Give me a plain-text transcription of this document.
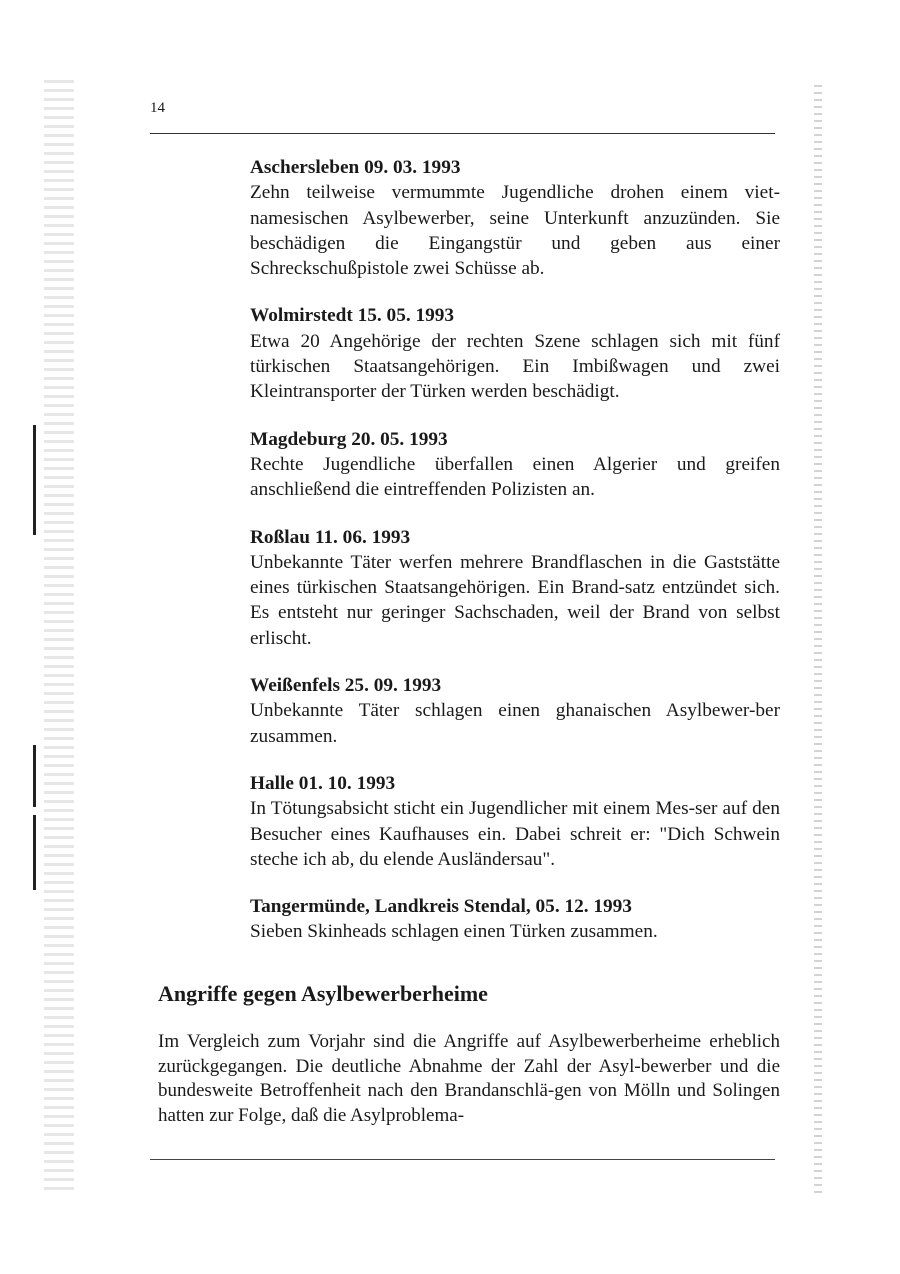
14
Aschersleben 09. 03. 1993
Zehn teilweise vermummte Jugendliche drohen einem viet-namesischen Asylbewerber, seine Unterkunft anzuzünden. Sie beschädigen die Eingangstür und geben aus einer Schreckschußpistole zwei Schüsse ab.
Wolmirstedt 15. 05. 1993
Etwa 20 Angehörige der rechten Szene schlagen sich mit fünf türkischen Staatsangehörigen. Ein Imbißwagen und zwei Kleintransporter der Türken werden beschädigt.
Magdeburg 20. 05. 1993
Rechte Jugendliche überfallen einen Algerier und greifen anschließend die eintreffenden Polizisten an.
Roßlau 11. 06. 1993
Unbekannte Täter werfen mehrere Brandflaschen in die Gaststätte eines türkischen Staatsangehörigen. Ein Brand-satz entzündet sich. Es entsteht nur geringer Sachschaden, weil der Brand von selbst erlischt.
Weißenfels 25. 09. 1993
Unbekannte Täter schlagen einen ghanaischen Asylbewer-ber zusammen.
Halle 01. 10. 1993
In Tötungsabsicht sticht ein Jugendlicher mit einem Mes-ser auf den Besucher eines Kaufhauses ein. Dabei schreit er: "Dich Schwein steche ich ab, du elende Ausländersau".
Tangermünde, Landkreis Stendal, 05. 12. 1993
Sieben Skinheads schlagen einen Türken zusammen.
Angriffe gegen Asylbewerberheime
Im Vergleich zum Vorjahr sind die Angriffe auf Asylbewerberheime erheblich zurückgegangen. Die deutliche Abnahme der Zahl der Asyl-bewerber und die bundesweite Betroffenheit nach den Brandanschlä-gen von Mölln und Solingen hatten zur Folge, daß die Asylproblema-
